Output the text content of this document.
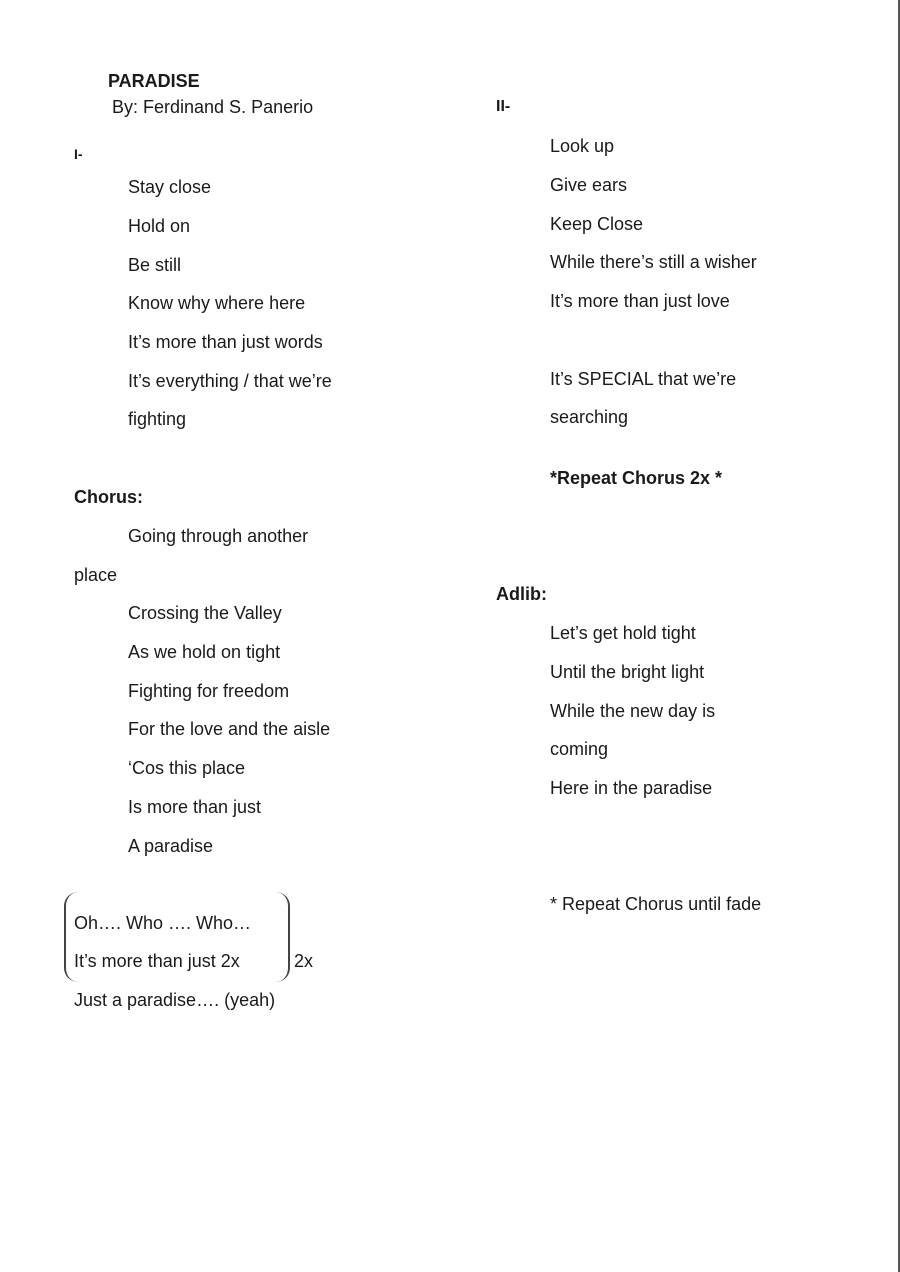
PARADISE
By: Ferdinand S. Panerio
I-
Stay close
Hold on
Be still
Know why where here
It’s more than just words
It’s everything / that we’re
fighting
Chorus:
Going through another
place
Crossing the Valley
As we hold on tight
Fighting for freedom
For the love and the aisle
‘Cos this place
Is more than just
A paradise
Oh…. Who …. Who…
It’s more than just 2x	2x
Just a paradise…. (yeah)
II-
Look up
Give ears
Keep Close
While there’s still a wisher
It’s more than just love
It’s SPECIAL that we’re
searching
*Repeat Chorus 2x *
Adlib:
Let’s get hold tight
Until the bright light
While the new day is
coming
Here in the paradise
* Repeat Chorus until fade
